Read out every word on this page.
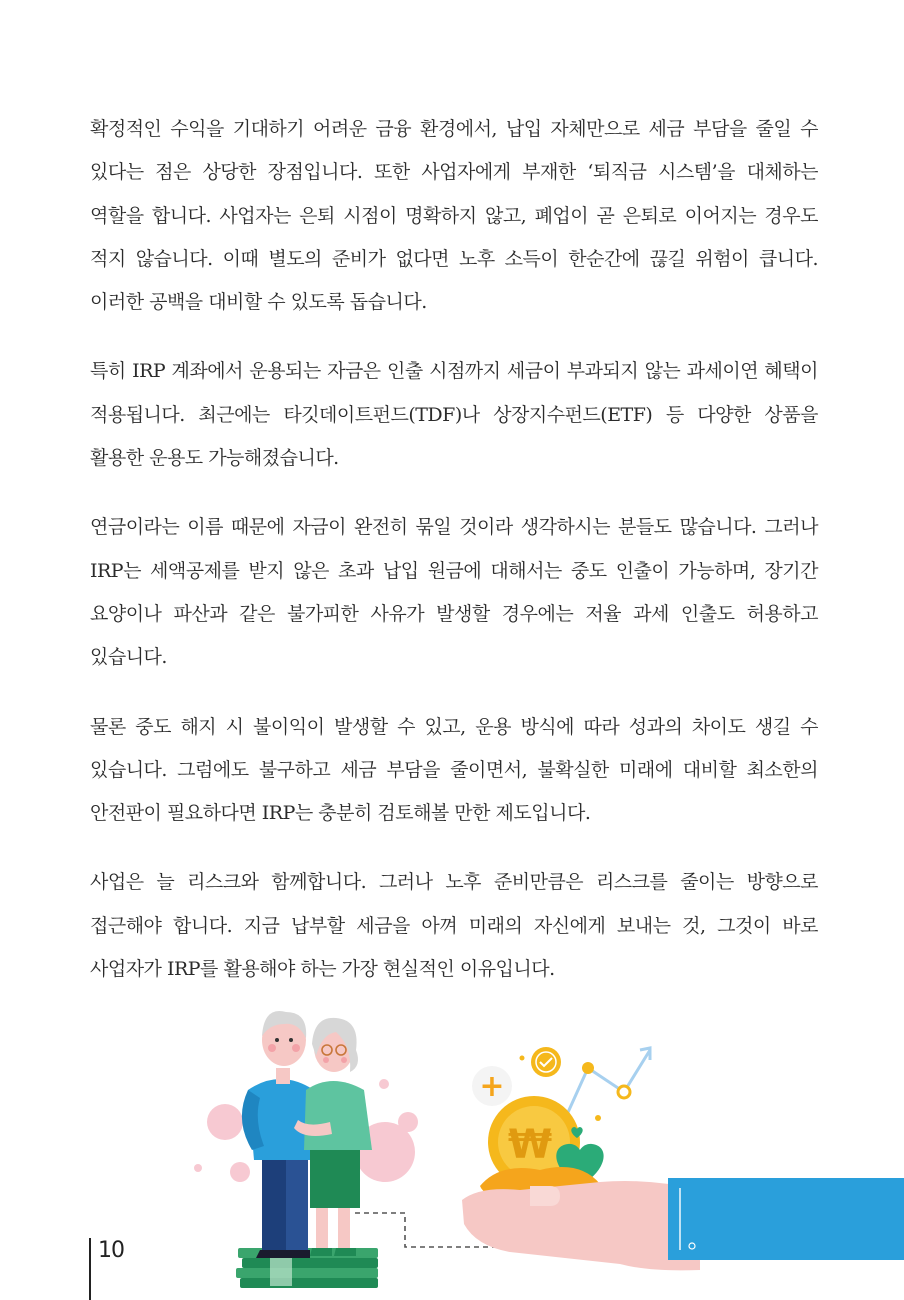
확정적인 수익을 기대하기 어려운 금융 환경에서, 납입 자체만으로 세금 부담을 줄일 수 있다는 점은 상당한 장점입니다. 또한 사업자에게 부재한 ‘퇴직금 시스템’을 대체하는 역할을 합니다. 사업자는 은퇴 시점이 명확하지 않고, 폐업이 곧 은퇴로 이어지는 경우도 적지 않습니다. 이때 별도의 준비가 없다면 노후 소득이 한순간에 끊길 위험이 큽니다. 이러한 공백을 대비할 수 있도록 돕습니다.

특히 IRP 계좌에서 운용되는 자금은 인출 시점까지 세금이 부과되지 않는 과세이연 혜택이 적용됩니다. 최근에는 타깃데이트펀드(TDF)나 상장지수펀드(ETF) 등 다양한 상품을 활용한 운용도 가능해졌습니다.

연금이라는 이름 때문에 자금이 완전히 묶일 것이라 생각하시는 분들도 많습니다. 그러나 IRP는 세액공제를 받지 않은 초과 납입 원금에 대해서는 중도 인출이 가능하며, 장기간 요양이나 파산과 같은 불가피한 사유가 발생할 경우에는 저율 과세 인출도 허용하고 있습니다.

물론 중도 해지 시 불이익이 발생할 수 있고, 운용 방식에 따라 성과의 차이도 생길 수 있습니다. 그럼에도 불구하고 세금 부담을 줄이면서, 불확실한 미래에 대비할 최소한의 안전판이 필요하다면 IRP는 충분히 검토해볼 만한 제도입니다.

사업은 늘 리스크와 함께합니다. 그러나 노후 준비만큼은 리스크를 줄이는 방향으로 접근해야 합니다. 지금 납부할 세금을 아껴 미래의 자신에게 보내는 것, 그것이 바로 사업자가 IRP를 활용해야 하는 가장 현실적인 이유입니다.

+
₩
10
